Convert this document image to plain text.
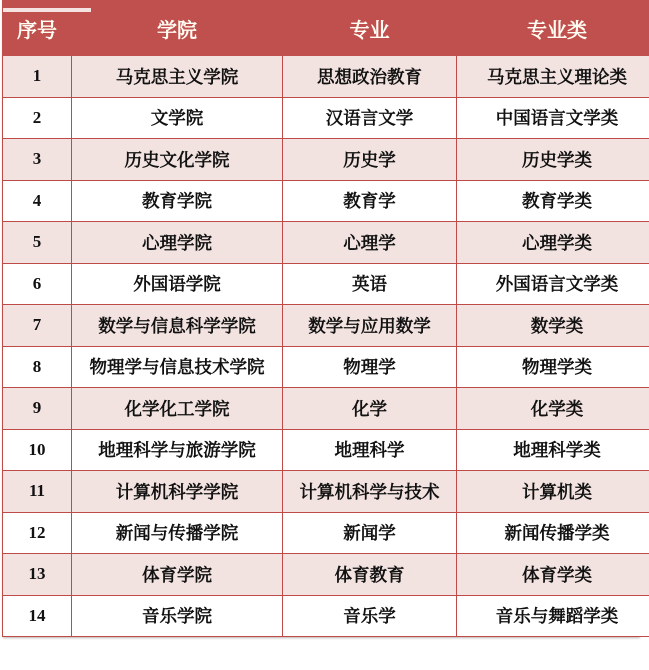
序号	学院	专业	专业类
1	马克思主义学院	思想政治教育	马克思主义理论类
2	文学院	汉语言文学	中国语言文学类
3	历史文化学院	历史学	历史学类
4	教育学院	教育学	教育学类
5	心理学院	心理学	心理学类
6	外国语学院	英语	外国语言文学类
7	数学与信息科学学院	数学与应用数学	数学类
8	物理学与信息技术学院	物理学	物理学类
9	化学化工学院	化学	化学类
10	地理科学与旅游学院	地理科学	地理科学类
11	计算机科学学院	计算机科学与技术	计算机类
12	新闻与传播学院	新闻学	新闻传播学类
13	体育学院	体育教育	体育学类
14	音乐学院	音乐学	音乐与舞蹈学类
